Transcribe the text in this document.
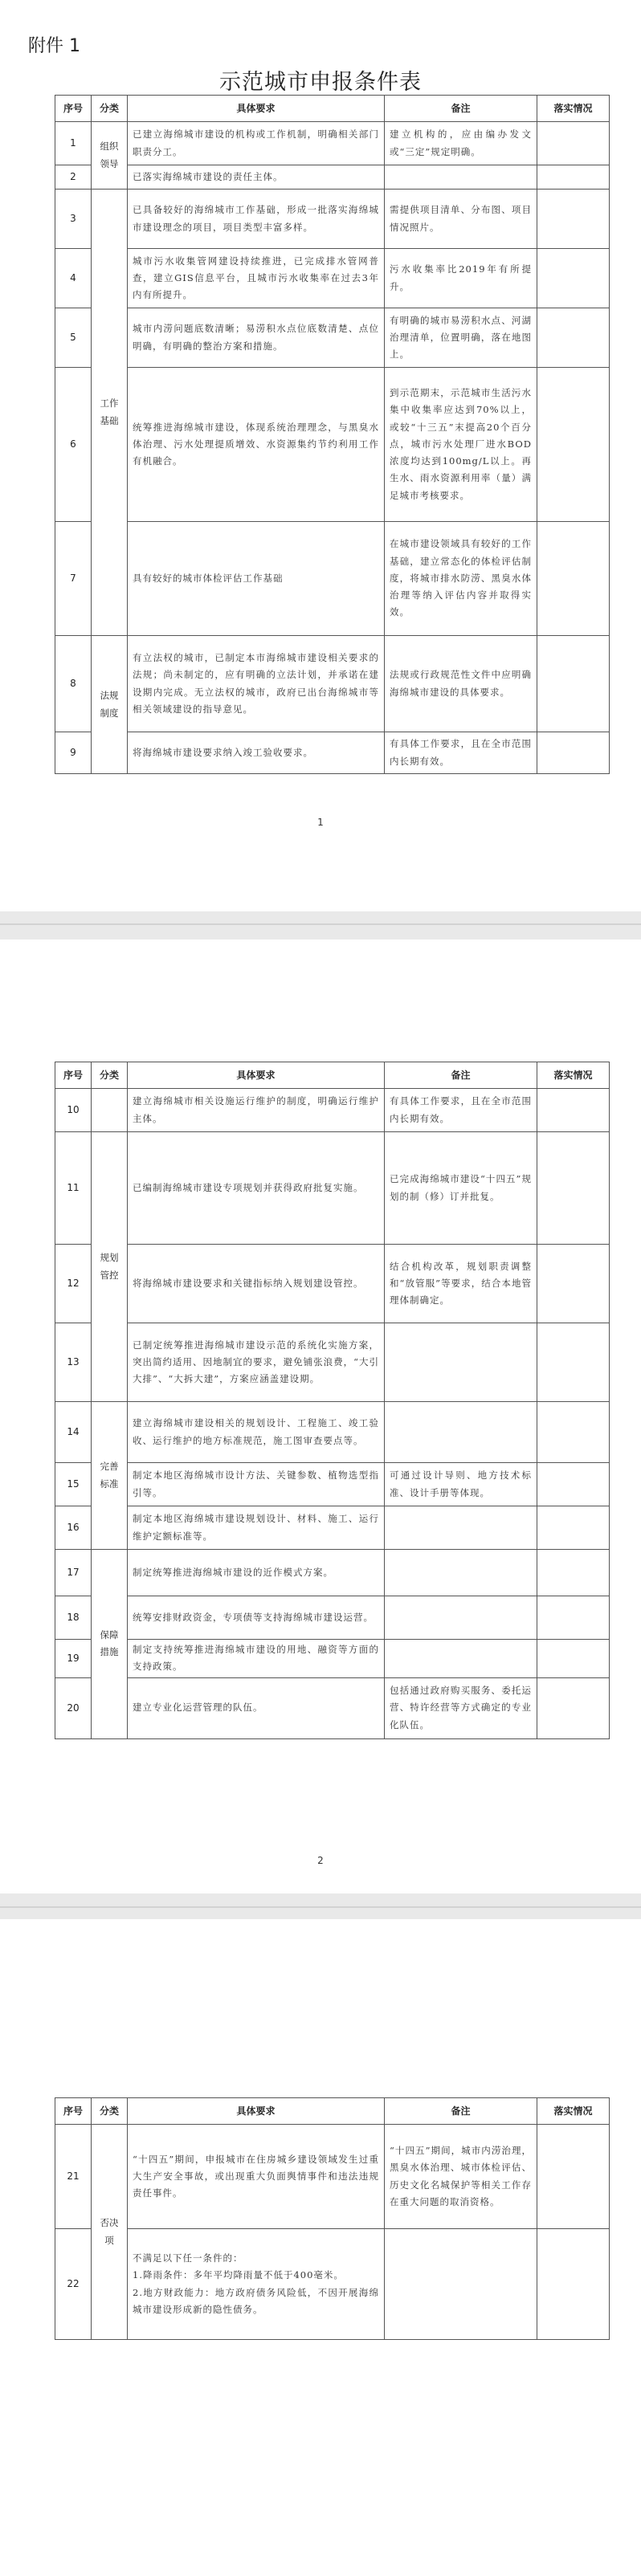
附件 1
示范城市申报条件表
序号	分类	具体要求	备注	落实情况
1	组织领导	已建立海绵城市建设的机构或工作机制，明确相关部门职责分工。	建立机构的，应由编办发文或“三定”规定明确。	
2		已落实海绵城市建设的责任主体。		
3	工作基础	已具备较好的海绵城市工作基础，形成一批落实海绵城市建设理念的项目，项目类型丰富多样。	需提供项目清单、分布图、项目情况照片。	
4		城市污水收集管网建设持续推进，已完成排水管网普查，建立GIS信息平台，且城市污水收集率在过去3年内有所提升。	污水收集率比2019年有所提升。	
5		城市内涝问题底数清晰；易涝积水点位底数清楚、点位明确，有明确的整治方案和措施。	有明确的城市易涝积水点、河湖治理清单，位置明确，落在地图上。	
6		统筹推进海绵城市建设，体现系统治理理念，与黑臭水体治理、污水处理提质增效、水资源集约节约利用工作有机融合。	到示范期末，示范城市生活污水集中收集率应达到70%以上，或较“十三五”末提高20个百分点，城市污水处理厂进水BOD浓度均达到100mg/L以上。再生水、雨水资源利用率（量）满足城市考核要求。	
7		具有较好的城市体检评估工作基础	在城市建设领域具有较好的工作基础，建立常态化的体检评估制度，将城市排水防涝、黑臭水体治理等纳入评估内容并取得实效。	
8	法规制度	有立法权的城市，已制定本市海绵城市建设相关要求的法规；尚未制定的，应有明确的立法计划，并承诺在建设期内完成。无立法权的城市，政府已出台海绵城市等相关领域建设的指导意见。	法规或行政规范性文件中应明确海绵城市建设的具体要求。	
9		将海绵城市建设要求纳入竣工验收要求。	有具体工作要求，且在全市范围内长期有效。	
1
序号	分类	具体要求	备注	落实情况
10		建立海绵城市相关设施运行维护的制度，明确运行维护主体。	有具体工作要求，且在全市范围内长期有效。	
11	规划管控	已编制海绵城市建设专项规划并获得政府批复实施。	已完成海绵城市建设“十四五”规划的制（修）订并批复。	
12		将海绵城市建设要求和关键指标纳入规划建设管控。	结合机构改革，规划职责调整和“放管服”等要求，结合本地管理体制确定。	
13		已制定统筹推进海绵城市建设示范的系统化实施方案，突出简约适用、因地制宜的要求，避免铺张浪费，“大引大排”、“大拆大建”，方案应涵盖建设期。		
14	完善标准	建立海绵城市建设相关的规划设计、工程施工、竣工验收、运行维护的地方标准规范，施工图审查要点等。		
15		制定本地区海绵城市设计方法、关键参数、植物选型指引等。	可通过设计导则、地方技术标准、设计手册等体现。	
16		制定本地区海绵城市建设规划设计、材料、施工、运行维护定额标准等。		
17	保障措施	制定统筹推进海绵城市建设的近作模式方案。		
18		统筹安排财政资金，专项债等支持海绵城市建设运营。		
19		制定支持统筹推进海绵城市建设的用地、融资等方面的支持政策。		
20		建立专业化运营管理的队伍。	包括通过政府购买服务、委托运营、特许经营等方式确定的专业化队伍。	
2
序号	分类	具体要求	备注	落实情况
21	否决项	“十四五”期间，申报城市在住房城乡建设领域发生过重大生产安全事故，或出现重大负面舆情事件和违法违规责任事件。	“十四五”期间，城市内涝治理，黑臭水体治理、城市体检评估、历史文化名城保护等相关工作存在重大问题的取消资格。	
22		不满足以下任一条件的：
1.降雨条件：多年平均降雨量不低于400毫米。
2.地方财政能力：地方政府债务风险低，不因开展海绵城市建设形成新的隐性债务。		
